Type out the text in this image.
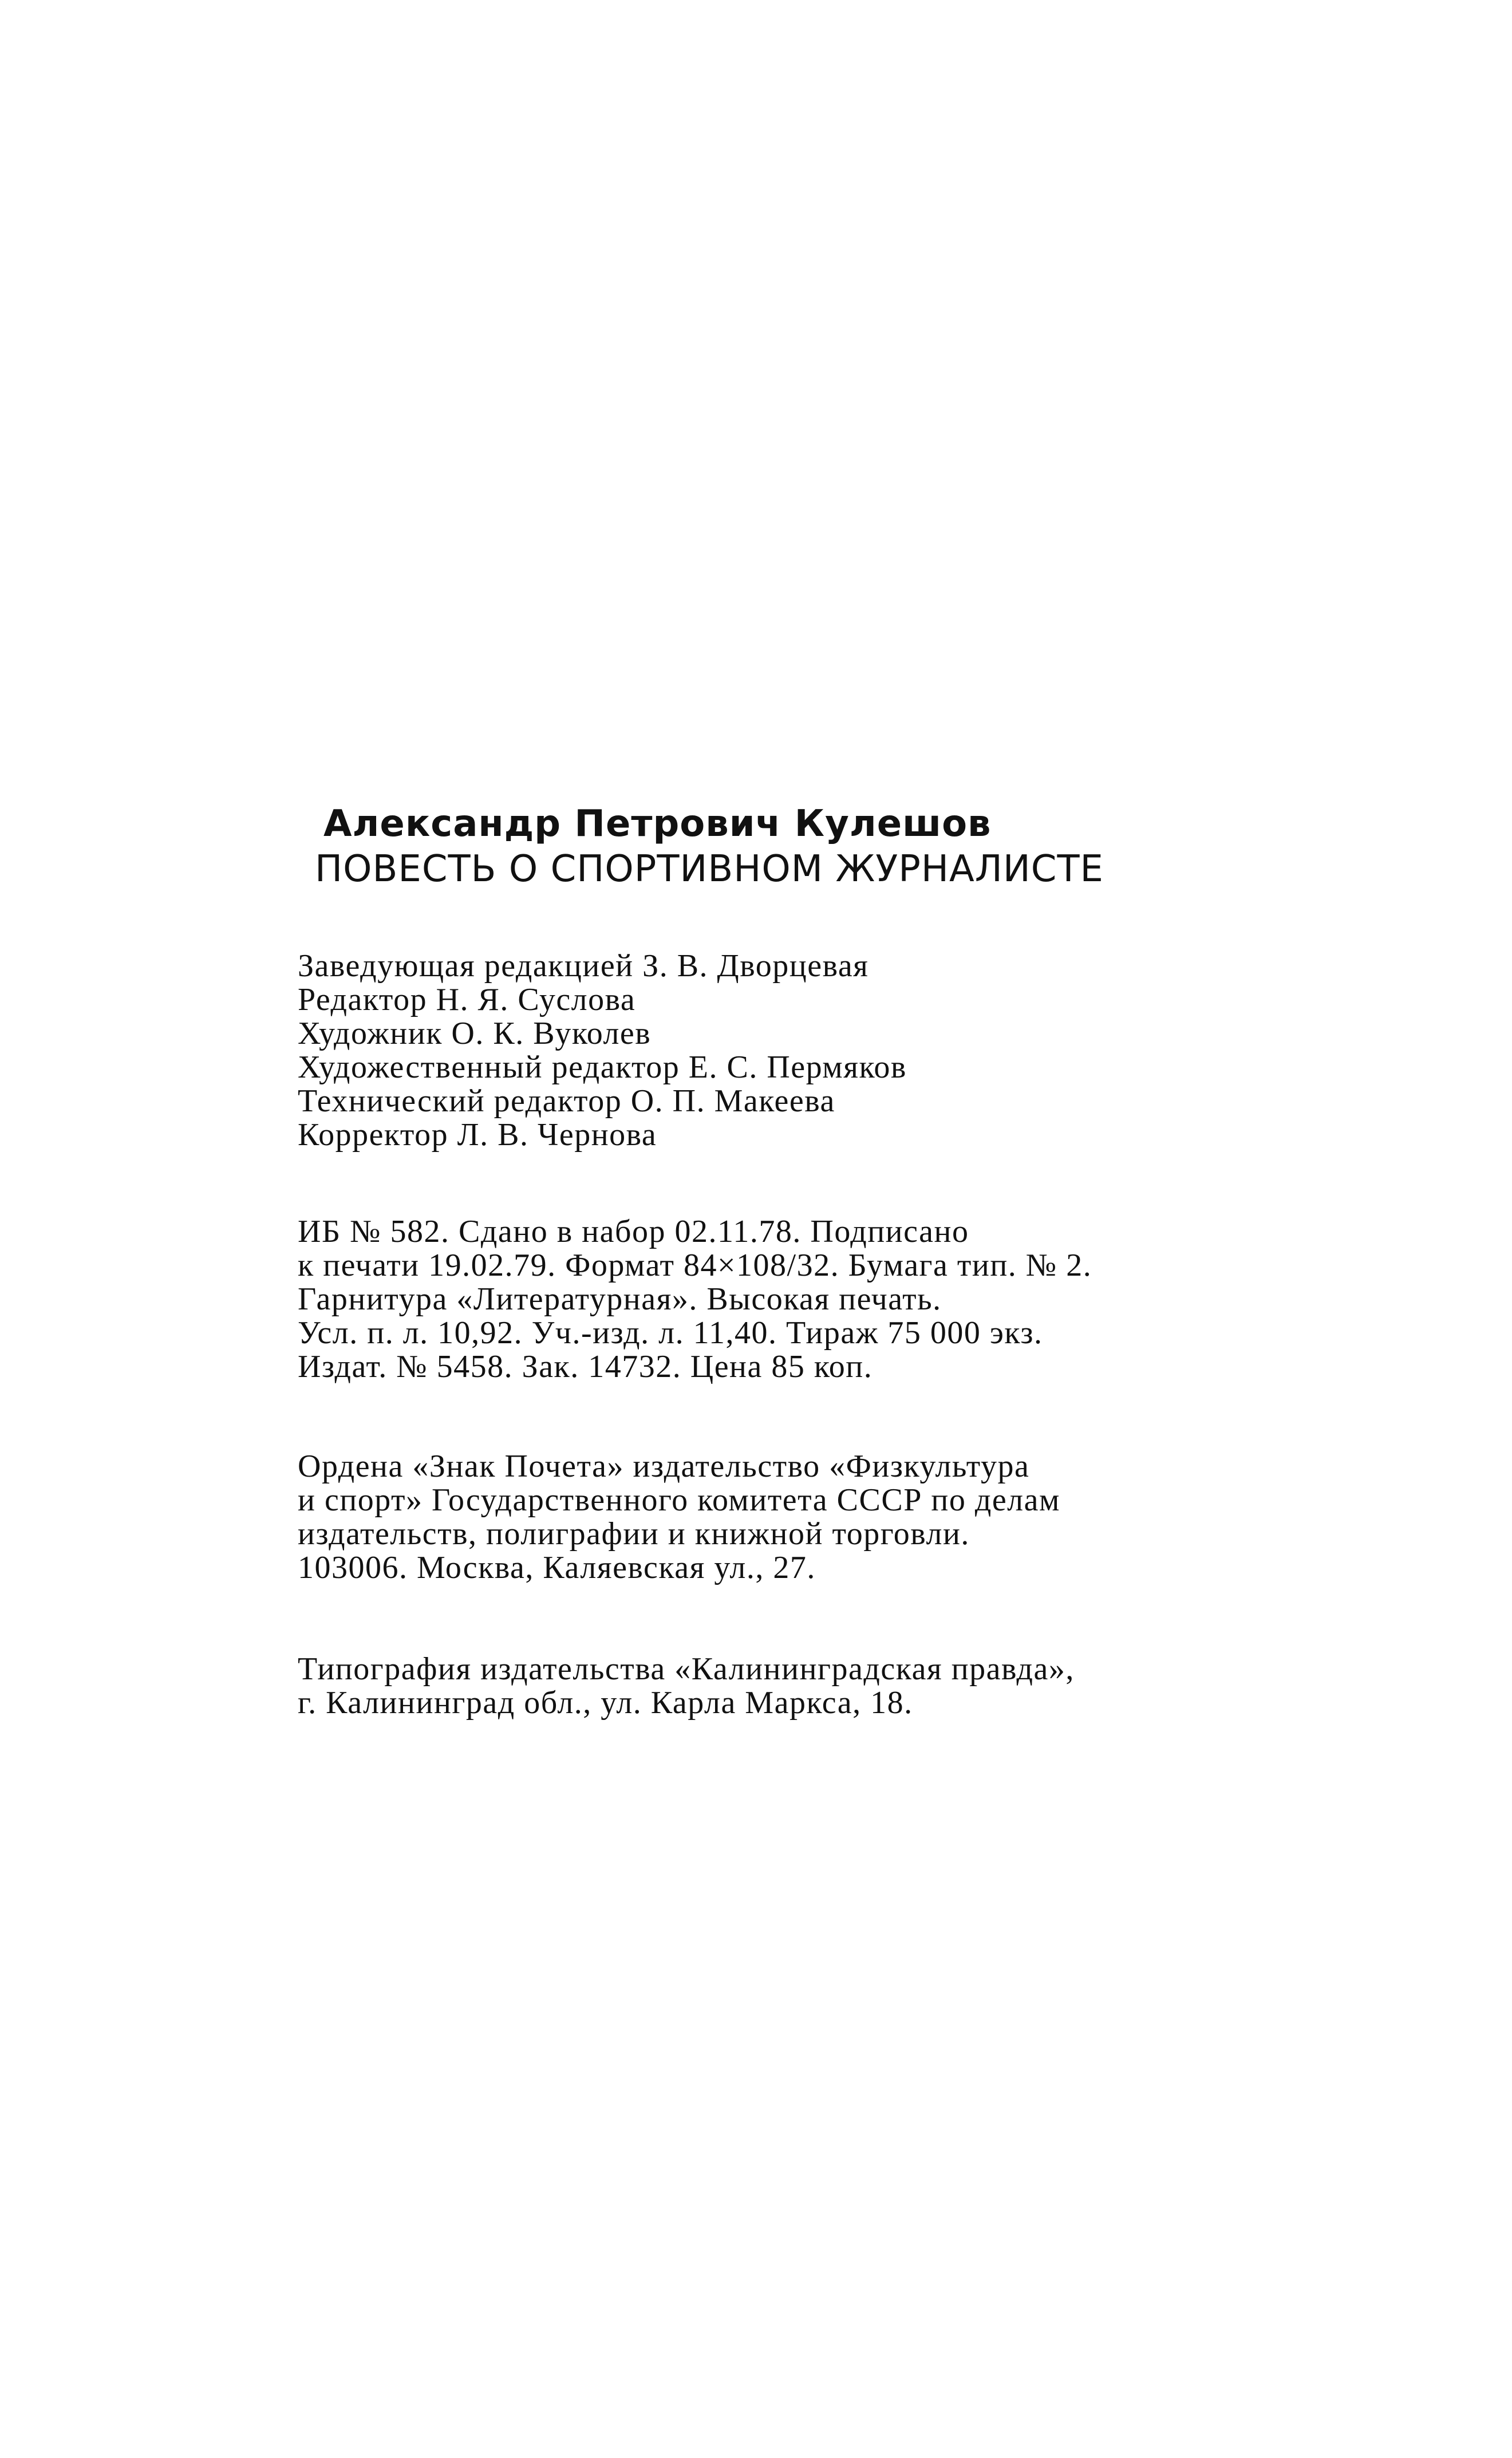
Александр Петрович Кулешов
ПОВЕСТЬ О СПОРТИВНОМ ЖУРНАЛИСТЕ
Заведующая редакцией З. В. Дворцевая
Редактор Н. Я. Суслова
Художник О. К. Вуколев
Художественный редактор Е. С. Пермяков
Технический редактор О. П. Макеева
Корректор Л. В. Чернова
ИБ № 582. Сдано в набор 02.11.78. Подписано
к печати 19.02.79. Формат 84×108/32. Бумага тип. № 2.
Гарнитура «Литературная». Высокая печать.
Усл. п. л. 10,92. Уч.-изд. л. 11,40. Тираж 75 000 экз.
Издат. № 5458. Зак. 14732. Цена 85 коп.
Ордена «Знак Почета» издательство «Физкультура
и спорт» Государственного комитета СССР по делам
издательств, полиграфии и книжной торговли.
103006. Москва, Каляевская ул., 27.
Типография издательства «Калининградская правда»,
г. Калининград обл., ул. Карла Маркса, 18.
